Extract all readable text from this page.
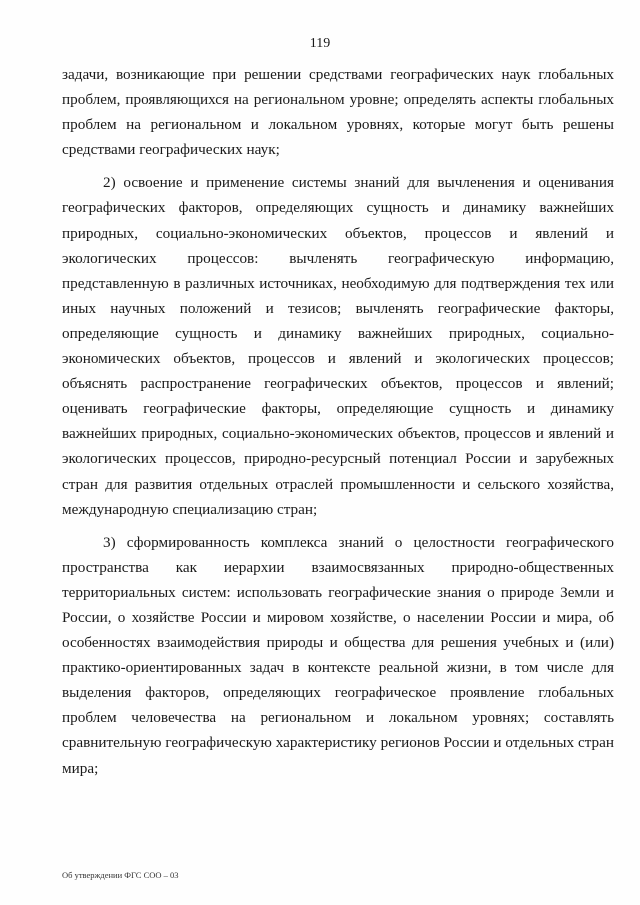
119

задачи, возникающие при решении средствами географических наук глобальных проблем, проявляющихся на региональном уровне; определять аспекты глобальных проблем на региональном и локальном уровнях, которые могут быть решены средствами географических наук;

2) освоение и применение системы знаний для вычленения и оценивания географических факторов, определяющих сущность и динамику важнейших природных, социально-экономических объектов, процессов и явлений и экологических процессов: вычленять географическую информацию, представленную в различных источниках, необходимую для подтверждения тех или иных научных положений и тезисов; вычленять географические факторы, определяющие сущность и динамику важнейших природных, социально-экономических объектов, процессов и явлений и экологических процессов; объяснять распространение географических объектов, процессов и явлений; оценивать географические факторы, определяющие сущность и динамику важнейших природных, социально-экономических объектов, процессов и явлений и экологических процессов, природно-ресурсный потенциал России и зарубежных стран для развития отдельных отраслей промышленности и сельского хозяйства, международную специализацию стран;

3) сформированность комплекса знаний о целостности географического пространства как иерархии взаимосвязанных природно-общественных территориальных систем: использовать географические знания о природе Земли и России, о хозяйстве России и мировом хозяйстве, о населении России и мира, об особенностях взаимодействия природы и общества для решения учебных и (или) практико-ориентированных задач в контексте реальной жизни, в том числе для выделения факторов, определяющих географическое проявление глобальных проблем человечества на региональном и локальном уровнях; составлять сравнительную географическую характеристику регионов России и отдельных стран мира;

Об утверждении ФГС СОО – 03
